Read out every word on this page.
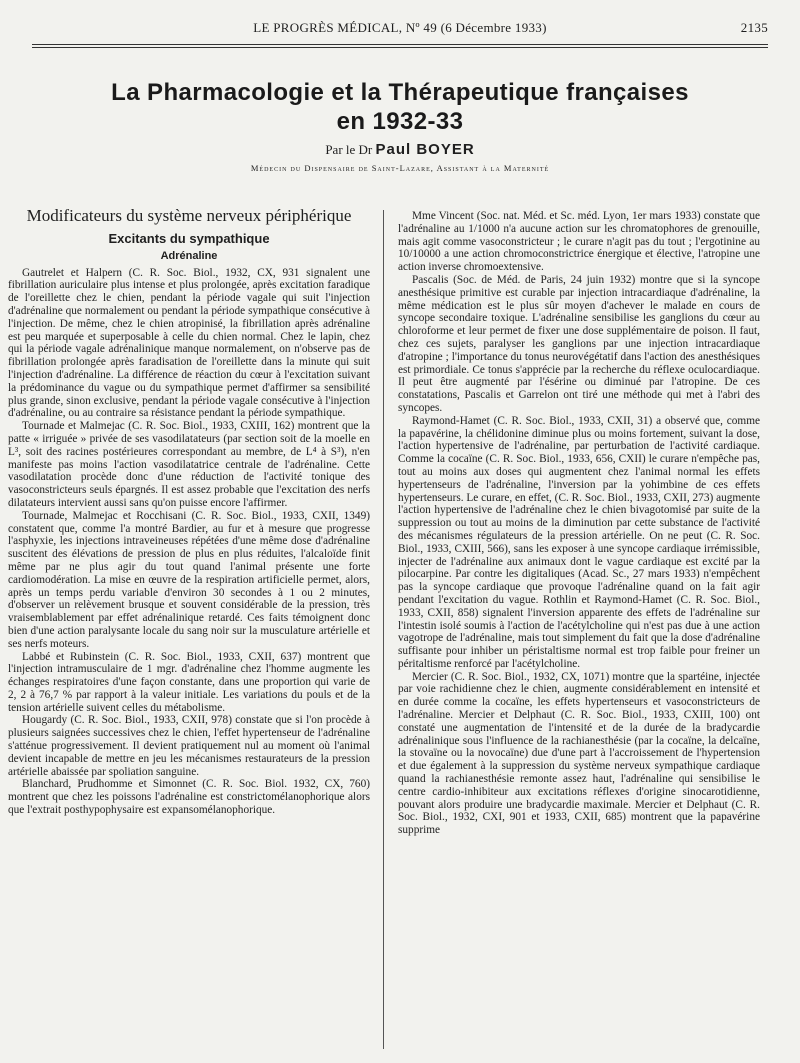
LE PROGRÈS MÉDICAL, Nº 49 (6 Décembre 1933)	2135
La Pharmacologie et la Thérapeutique françaises
en 1932-33
Par le Dr Paul BOYER
Médecin du Dispensaire de Saint-Lazare, Assistant à la Maternité
Modificateurs du système nerveux périphérique
Excitants du sympathique
Adrénaline

Gautrelet et Halpern (C. R. Soc. Biol., 1932, CX, 931 signalent une fibrillation auriculaire plus intense et plus prolongée, après excitation faradique de l'oreillette chez le chien, pendant la période vagale qui suit l'injection d'adrénaline que normalement ou pendant la période sympathique consécutive à l'injection. De même, chez le chien atropinisé, la fibrillation après adrénaline est peu marquée et superposable à celle du chien normal. Chez le lapin, chez qui la période vagale adrénalinique manque normalement, on n'observe pas de fibrillation prolongée après faradisation de l'oreillette dans la minute qui suit l'injection d'adrénaline. La différence de réaction du cœur à l'excitation suivant la prédominance du vague ou du sympathique permet d'affirmer sa sensibilité plus grande, sinon exclusive, pendant la période vagale consécutive à l'injection d'adrénaline, ou au contraire sa résistance pendant la période sympathique.

Tournade et Malmejac (C. R. Soc. Biol., 1933, CXIII, 162) montrent que la patte « irriguée » privée de ses vasodilatateurs (par section soit de la moelle en L³, soit des racines postérieures correspondant au membre, de L⁴ à S³), n'en manifeste pas moins l'action vasodilatatrice centrale de l'adrénaline. Cette vasodilatation procède donc d'une réduction de l'activité tonique des vasoconstricteurs seuls épargnés. Il est assez probable que l'excitation des nerfs dilatateurs intervient aussi sans qu'on puisse encore l'affirmer.

Tournade, Malmejac et Rocchisani (C. R. Soc. Biol., 1933, CXII, 1349) constatent que, comme l'a montré Bardier, au fur et à mesure que progresse l'asphyxie, les injections intraveineuses répétées d'une même dose d'adrénaline suscitent des élévations de pression de plus en plus réduites, l'alcaloïde finit même par ne plus agir du tout quand l'animal présente une forte cardiomodération. La mise en œuvre de la respiration artificielle permet, alors, après un temps perdu variable d'environ 30 secondes à 1 ou 2 minutes, d'observer un relèvement brusque et souvent considérable de la pression, très vraisemblablement par effet adrénalinique retardé. Ces faits témoignent donc bien d'une action paralysante locale du sang noir sur la musculature artérielle et ses nerfs moteurs.

Labbé et Rubinstein (C. R. Soc. Biol., 1933, CXII, 637) montrent que l'injection intramusculaire de 1 mgr. d'adrénaline chez l'homme augmente les échanges respiratoires d'une façon constante, dans une proportion qui varie de 2, 2 à 76,7 % par rapport à la valeur initiale. Les variations du pouls et de la tension artérielle suivent celles du métabolisme.

Hougardy (C. R. Soc. Biol., 1933, CXII, 978) constate que si l'on procède à plusieurs saignées successives chez le chien, l'effet hypertenseur de l'adrénaline s'atténue progressivement. Il devient pratiquement nul au moment où l'animal devient incapable de mettre en jeu les mécanismes restaurateurs de la pression artérielle abaissée par spoliation sanguine.

Blanchard, Prudhomme et Simonnet (C. R. Soc. Biol. 1932, CX, 760) montrent que chez les poissons l'adrénaline est constrictomélanophorique alors que l'extrait posthypophysaire est expansomélanophorique.

Mme Vincent (Soc. nat. Méd. et Sc. méd. Lyon, 1er mars 1933) constate que l'adrénaline au 1/1000 n'a aucune action sur les chromatophores de grenouille, mais agit comme vasoconstricteur ; le curare n'agit pas du tout ; l'ergotinine au 10/10000 a une action chromoconstrictrice énergique et élective, l'atropine une action inverse chromoextensive.

Pascalis (Soc. de Méd. de Paris, 24 juin 1932) montre que si la syncope anesthésique primitive est curable par injection intracardiaque d'adrénaline, la même médication est le plus sûr moyen d'achever le malade en cours de syncope secondaire toxique. L'adrénaline sensibilise les ganglions du cœur au chloroforme et leur permet de fixer une dose supplémentaire de poison. Il faut, chez ces sujets, paralyser les ganglions par une injection intracardiaque d'atropine ; l'importance du tonus neurovégétatif dans l'action des anesthésiques est primordiale. Ce tonus s'apprécie par la recherche du réflexe oculocardiaque. Il peut être augmenté par l'ésérine ou diminué par l'atropine. De ces constatations, Pascalis et Garrelon ont tiré une méthode qui met à l'abri des syncopes.

Raymond-Hamet (C. R. Soc. Biol., 1933, CXII, 31) a observé que, comme la papavérine, la chélidonine diminue plus ou moins fortement, suivant la dose, l'action hypertensive de l'adrénaline, par perturbation de l'activité cardiaque. Comme la cocaïne (C. R. Soc. Biol., 1933, 656, CXII) le curare n'empêche pas, tout au moins aux doses qui augmentent chez l'animal normal les effets hypertenseurs de l'adrénaline, l'inversion par la yohimbine de ces effets hypertenseurs. Le curare, en effet, (C. R. Soc. Biol., 1933, CXII, 273) augmente l'action hypertensive de l'adrénaline chez le chien bivagotomisé par suite de la suppression ou tout au moins de la diminution par cette substance de l'activité des mécanismes régulateurs de la pression artérielle. On ne peut (C. R. Soc. Biol., 1933, CXIII, 566), sans les exposer à une syncope cardiaque irrémissible, injecter de l'adrénaline aux animaux dont le vague cardiaque est excité par la pilocarpine. Par contre les digitaliques (Acad. Sc., 27 mars 1933) n'empêchent pas la syncope cardiaque que provoque l'adrénaline quand on la fait agir pendant l'excitation du vague. Rothlin et Raymond-Hamet (C. R. Soc. Biol., 1933, CXII, 858) signalent l'inversion apparente des effets de l'adrénaline sur l'intestin isolé soumis à l'action de l'acétylcholine qui n'est pas due à une action vagotrope de l'adrénaline, mais tout simplement du fait que la dose d'adrénaline suffisante pour inhiber un péristaltisme normal est trop faible pour freiner un péritaltisme renforcé par l'acétylcholine.

Mercier (C. R. Soc. Biol., 1932, CX, 1071) montre que la spartéine, injectée par voie rachidienne chez le chien, augmente considérablement en intensité et en durée comme la cocaïne, les effets hypertenseurs et vasoconstricteurs de l'adrénaline. Mercier et Delphaut (C. R. Soc. Biol., 1933, CXIII, 100) ont constaté une augmentation de l'intensité et de la durée de la bradycardie adrénalinique sous l'influence de la rachianesthésie (par la cocaïne, la delcaïne, la stovaïne ou la novocaïne) due d'une part à l'accroissement de l'hypertension et due également à la suppression du système nerveux sympathique cardiaque quand la rachianesthésie remonte assez haut, l'adrénaline qui sensibilise le centre cardio-inhibiteur aux excitations réflexes d'origine sinocarotidienne, pouvant alors produire une bradycardie maximale. Mercier et Delphaut (C. R. Soc. Biol., 1932, CXI, 901 et 1933, CXII, 685) montrent que la papavérine supprime
